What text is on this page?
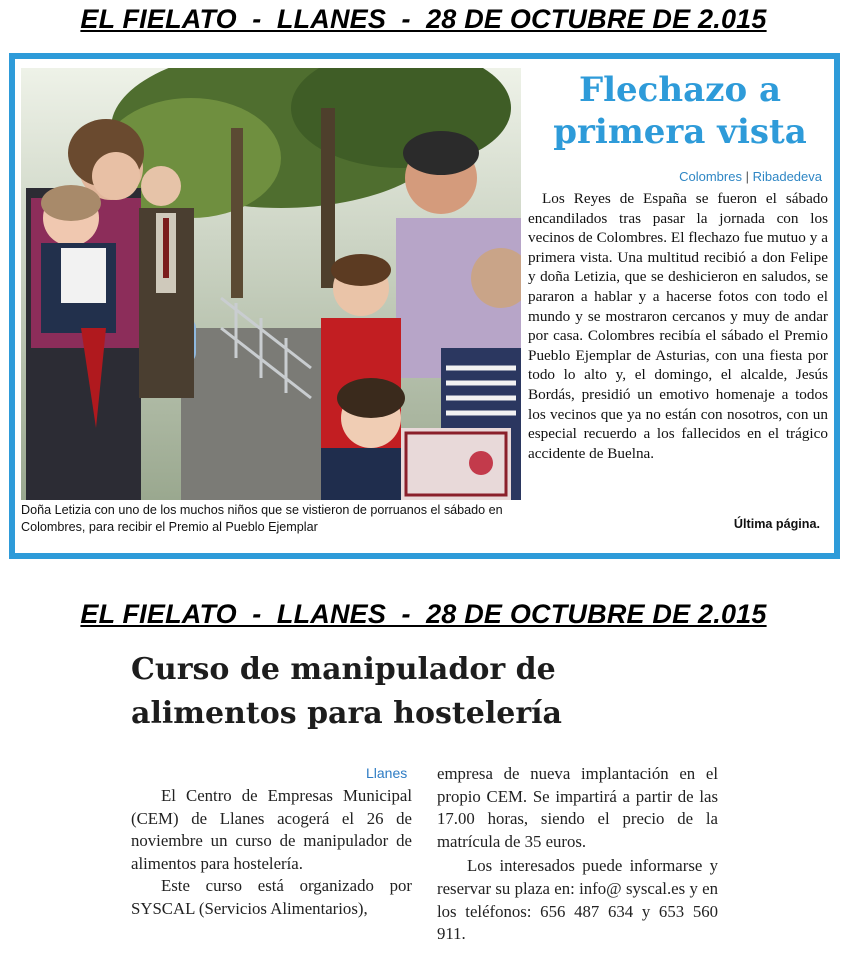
EL FIELATO  -  LLANES  -  28 DE OCTUBRE DE 2.015
Doña Letizia con uno de los muchos niños que se vistieron de porruanos el sábado en Colombres, para recibir el Premio al Pueblo Ejemplar
Flechazo a primera vista
Colombres | Ribadedeva
Los Reyes de España se fueron el sábado encandilados tras pasar la jornada con los vecinos de Colombres. El flechazo fue mutuo y a primera vista. Una multitud recibió a don Felipe y doña Letizia, que se deshicieron en saludos, se pararon a hablar y a hacerse fotos con todo el mundo y se mostraron cercanos y muy de andar por casa. Colombres recibía el sábado el Premio Pueblo Ejemplar de Asturias, con una fiesta por todo lo alto y, el domingo, el alcalde, Jesús Bordás, presidió un emotivo homenaje a todos los vecinos que ya no están con nosotros, con un especial recuerdo a los fallecidos en el trágico accidente de Buelna.
Última página.
EL FIELATO  -  LLANES  -  28 DE OCTUBRE DE 2.015
Curso de manipulador de alimentos para hostelería
Llanes

El Centro de Empresas Municipal (CEM) de Llanes acogerá el 26 de noviembre un curso de manipulador de alimentos para hostelería.

Este curso está organizado por SYSCAL (Servicios Alimentarios),

empresa de nueva implantación en el propio CEM. Se impartirá a partir de las 17.00 horas, siendo el precio de la matrícula de 35 euros.

Los interesados puede informarse y reservar su plaza en: info@ syscal.es y en los teléfonos: 656 487 634 y 653 560 911.
